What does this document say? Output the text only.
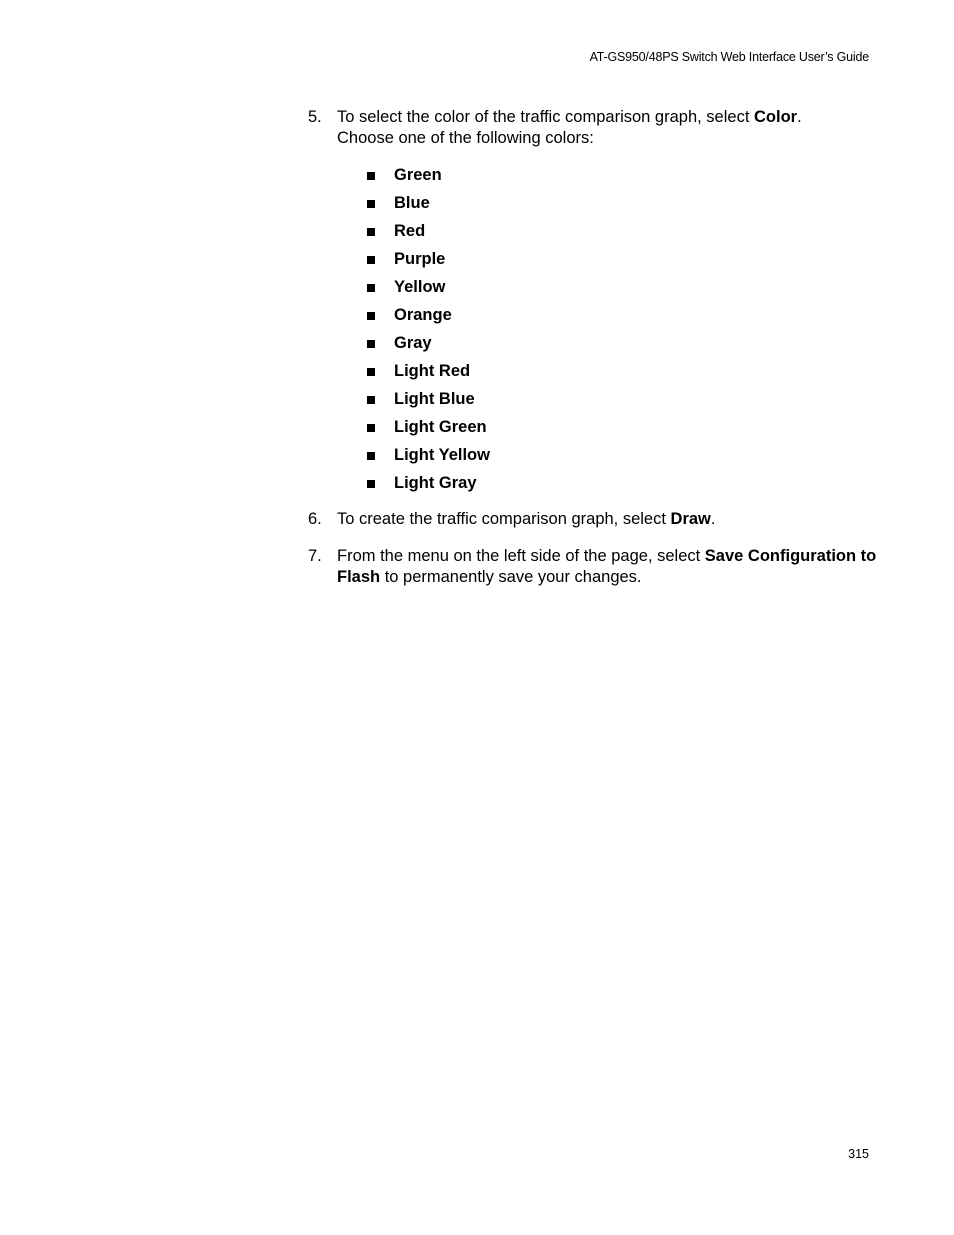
AT-GS950/48PS Switch Web Interface User’s Guide
5. To select the color of the traffic comparison graph, select Color.
Choose one of the following colors:
Green
Blue
Red
Purple
Yellow
Orange
Gray
Light Red
Light Blue
Light Green
Light Yellow
Light Gray
6. To create the traffic comparison graph, select Draw.
7. From the menu on the left side of the page, select Save Configuration to Flash to permanently save your changes.
315
